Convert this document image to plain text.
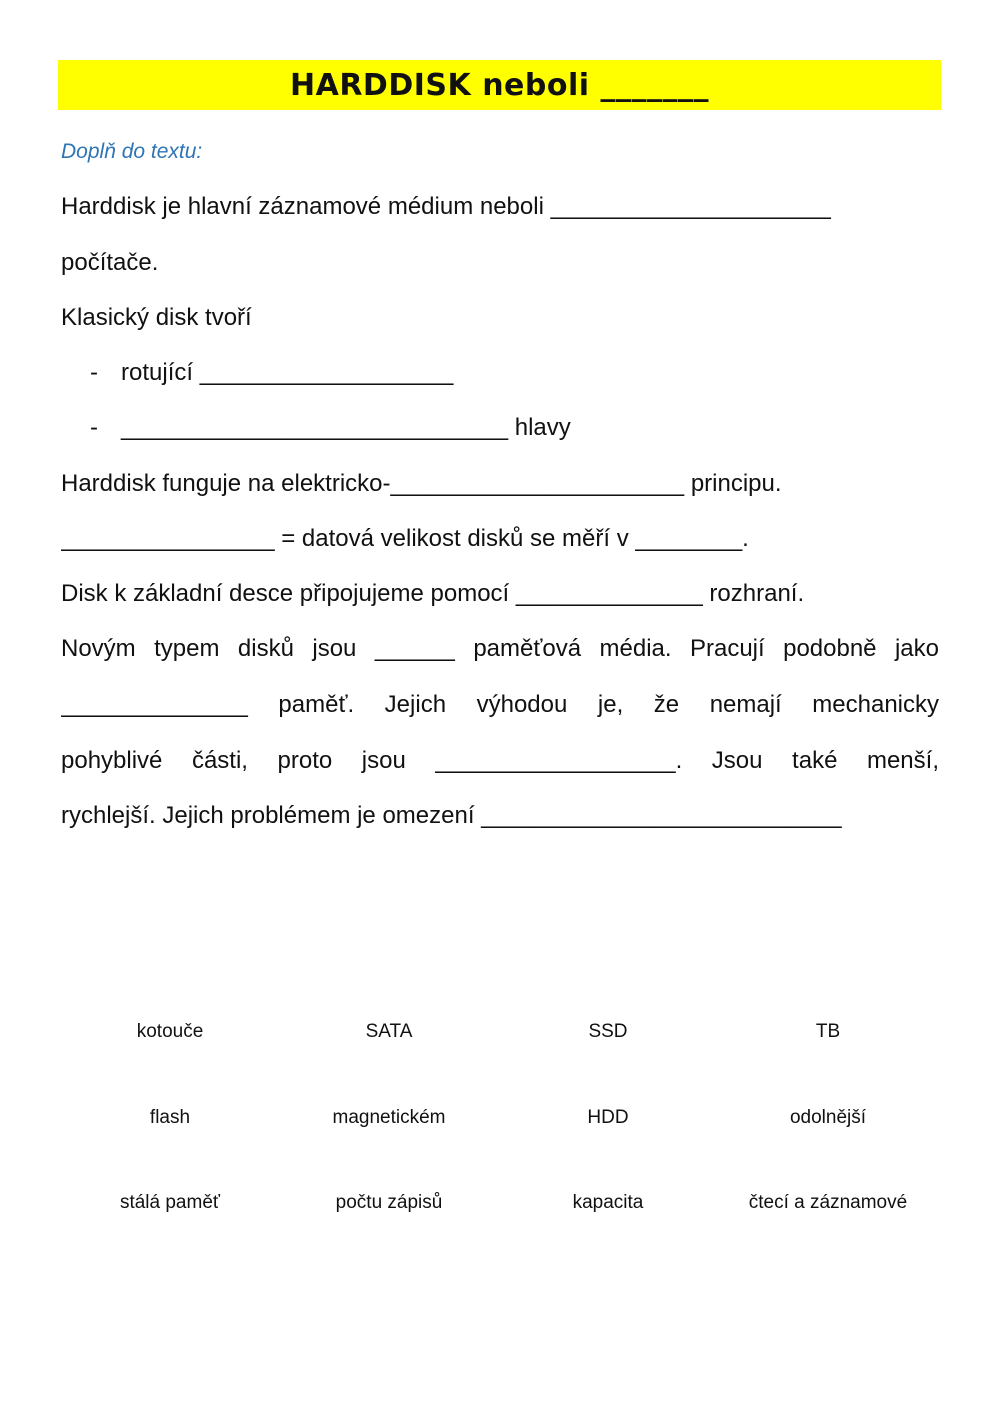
HARDDISK neboli _______
Doplň do textu:
Harddisk je hlavní záznamové médium neboli _____________________
počítače.
Klasický disk tvoří
- rotující ___________________
- _____________________________ hlavy
Harddisk funguje na elektricko-______________________ principu.
________________ = datová velikost disků se měří v ________.
Disk k základní desce připojujeme pomocí ______________ rozhraní.
Novým typem disků jsou ______ paměťová média. Pracují podobně jako
______________ paměť. Jejich výhodou je, že nemají mechanicky
pohyblivé části, proto jsou __________________. Jsou také menší,
rychlejší. Jejich problémem je omezení ___________________________
kotouče	SATA	SSD	TB
flash	magnetickém	HDD	odolnější
stálá paměť	počtu zápisů	kapacita	čtecí a záznamové
